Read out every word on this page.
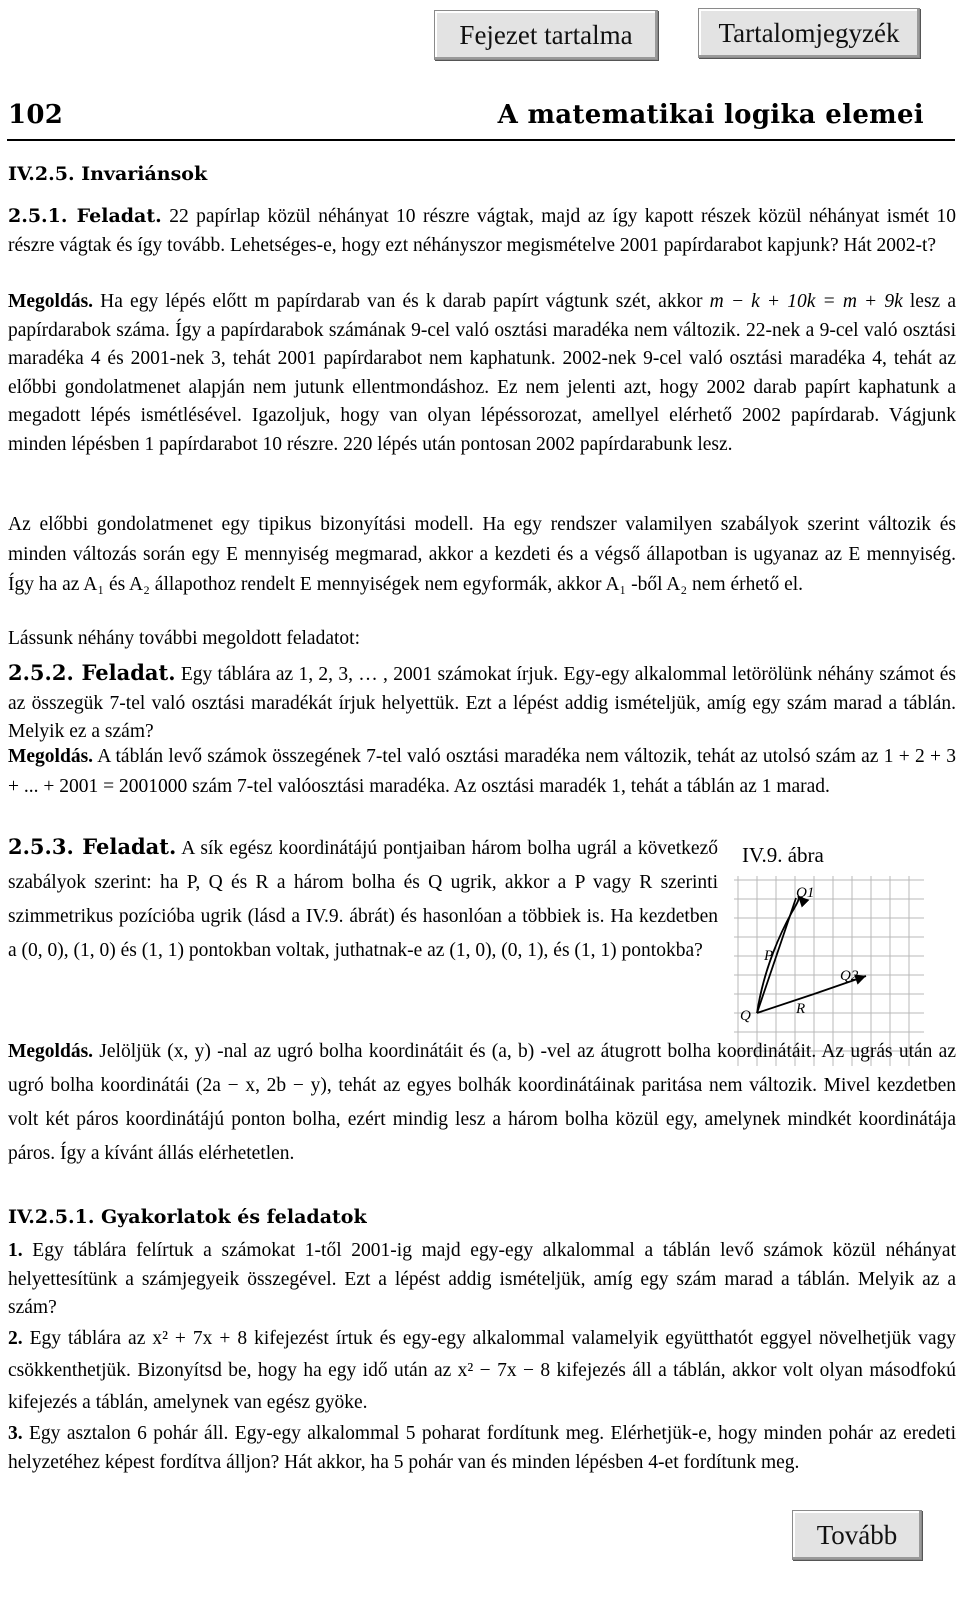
Fejezet tartalma	Tartalomjegyzék
102	A matematikai logika elemei
IV.2.5. Invariánsok

2.5.1. Feladat. 22 papírlap közül néhányat 10 részre vágtak, majd az így kapott részek közül néhányat ismét 10 részre vágtak és így tovább. Lehetséges-e, hogy ezt néhányszor megismételve 2001 papírdarabot kapjunk? Hát 2002-t?

Megoldás. Ha egy lépés előtt m papírdarab van és k darab papírt vágtunk szét, akkor m − k + 10k = m + 9k lesz a papírdarabok száma. Így a papírdarabok számának 9-cel való osztási maradéka nem változik. 22-nek a 9-cel való osztási maradéka 4 és 2001-nek 3, tehát 2001 papírdarabot nem kaphatunk. 2002-nek 9-cel való osztási maradéka 4, tehát az előbbi gondolatmenet alapján nem jutunk ellentmondáshoz. Ez nem jelenti azt, hogy 2002 darab papírt kaphatunk a megadott lépés ismétlésével. Igazoljuk, hogy van olyan lépéssorozat, amellyel elérhető 2002 papírdarab. Vágjunk minden lépésben 1 papírdarabot 10 részre. 220 lépés után pontosan 2002 papírdarabunk lesz.

Az előbbi gondolatmenet egy tipikus bizonyítási modell. Ha egy rendszer valamilyen szabályok szerint változik és minden változás során egy E mennyiség megmarad, akkor a kezdeti és a végső állapotban is ugyanaz az E mennyiség. Így ha az A₁ és A₂ állapothoz rendelt E mennyiségek nem egyformák, akkor A₁ -ből A₂ nem érhető el.

Lássunk néhány további megoldott feladatot:

2.5.2. Feladat. Egy táblára az 1, 2, 3, … , 2001 számokat írjuk. Egy-egy alkalommal letörölünk néhány számot és az összegük 7-tel való osztási maradékát írjuk helyettük. Ezt a lépést addig ismételjük, amíg egy szám marad a táblán. Melyik ez a szám?

Megoldás. A táblán levő számok összegének 7-tel való osztási maradéka nem változik, tehát az utolsó szám az 1 + 2 + 3 + ... + 2001 = 2001000 szám 7-tel valóosztási maradéka. Az osztási maradék 1, tehát a táblán az 1 marad.

2.5.3. Feladat. A sík egész koordinátájú pontjaiban három bolha ugrál a következő szabályok szerint: ha P, Q és R a három bolha és Q ugrik, akkor a P vagy R szerinti szimmetrikus pozícióba ugrik (lásd a IV.9. ábrát) és hasonlóan a többiek is. Ha kezdetben a (0, 0), (1, 0) és (1, 1) pontokban voltak, juthatnak-e az (1, 0), (0, 1), és (1, 1) pontokba?

IV.9. ábra
Q1
P
Q2
Q	R

Megoldás. Jelöljük (x, y) -nal az ugró bolha koordinátáit és (a, b) -vel az átugrott bolha koordinátáit. Az ugrás után az ugró bolha koordinátái (2a − x, 2b − y), tehát az egyes bolhák koordinátáinak paritása nem változik. Mivel kezdetben volt két páros koordinátájú ponton bolha, ezért mindig lesz a három bolha közül egy, amelynek mindkét koordinátája páros. Így a kívánt állás elérhetetlen.

IV.2.5.1. Gyakorlatok és feladatok

1. Egy táblára felírtuk a számokat 1-től 2001-ig majd egy-egy alkalommal a táblán levő számok közül néhányat helyettesítünk a számjegyeik összegével. Ezt a lépést addig ismételjük, amíg egy szám marad a táblán. Melyik az a szám?

2. Egy táblára az x² + 7x + 8 kifejezést írtuk és egy-egy alkalommal valamelyik együtthatót eggyel növelhetjük vagy csökkenthetjük. Bizonyítsd be, hogy ha egy idő után az x² − 7x − 8 kifejezés áll a táblán, akkor volt olyan másodfokú kifejezés a táblán, amelynek van egész gyöke.

3. Egy asztalon 6 pohár áll. Egy-egy alkalommal 5 poharat fordítunk meg. Elérhetjük-e, hogy minden pohár az eredeti helyzetéhez képest fordítva álljon? Hát akkor, ha 5 pohár van és minden lépésben 4-et fordítunk meg.

Tovább
